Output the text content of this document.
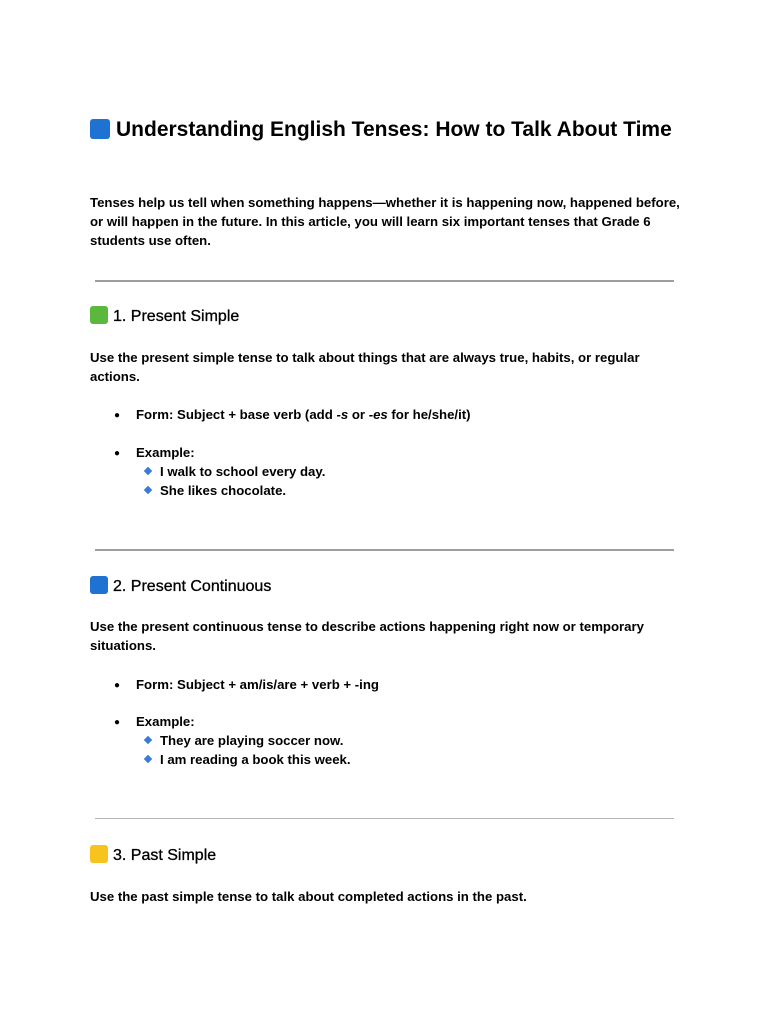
Understanding English Tenses: How to Talk About Time

Tenses help us tell when something happens—whether it is happening now, happened before, or will happen in the future. In this article, you will learn six important tenses that Grade 6 students use often.

1. Present Simple

Use the present simple tense to talk about things that are always true, habits, or regular actions.

● Form: Subject + base verb (add -s or -es for he/she/it)
● Example:
I walk to school every day.
She likes chocolate.
2. Present Continuous

Use the present continuous tense to describe actions happening right now or temporary situations.

● Form: Subject + am/is/are + verb + -ing
● Example:
They are playing soccer now.
I am reading a book this week.
3. Past Simple

Use the past simple tense to talk about completed actions in the past.
